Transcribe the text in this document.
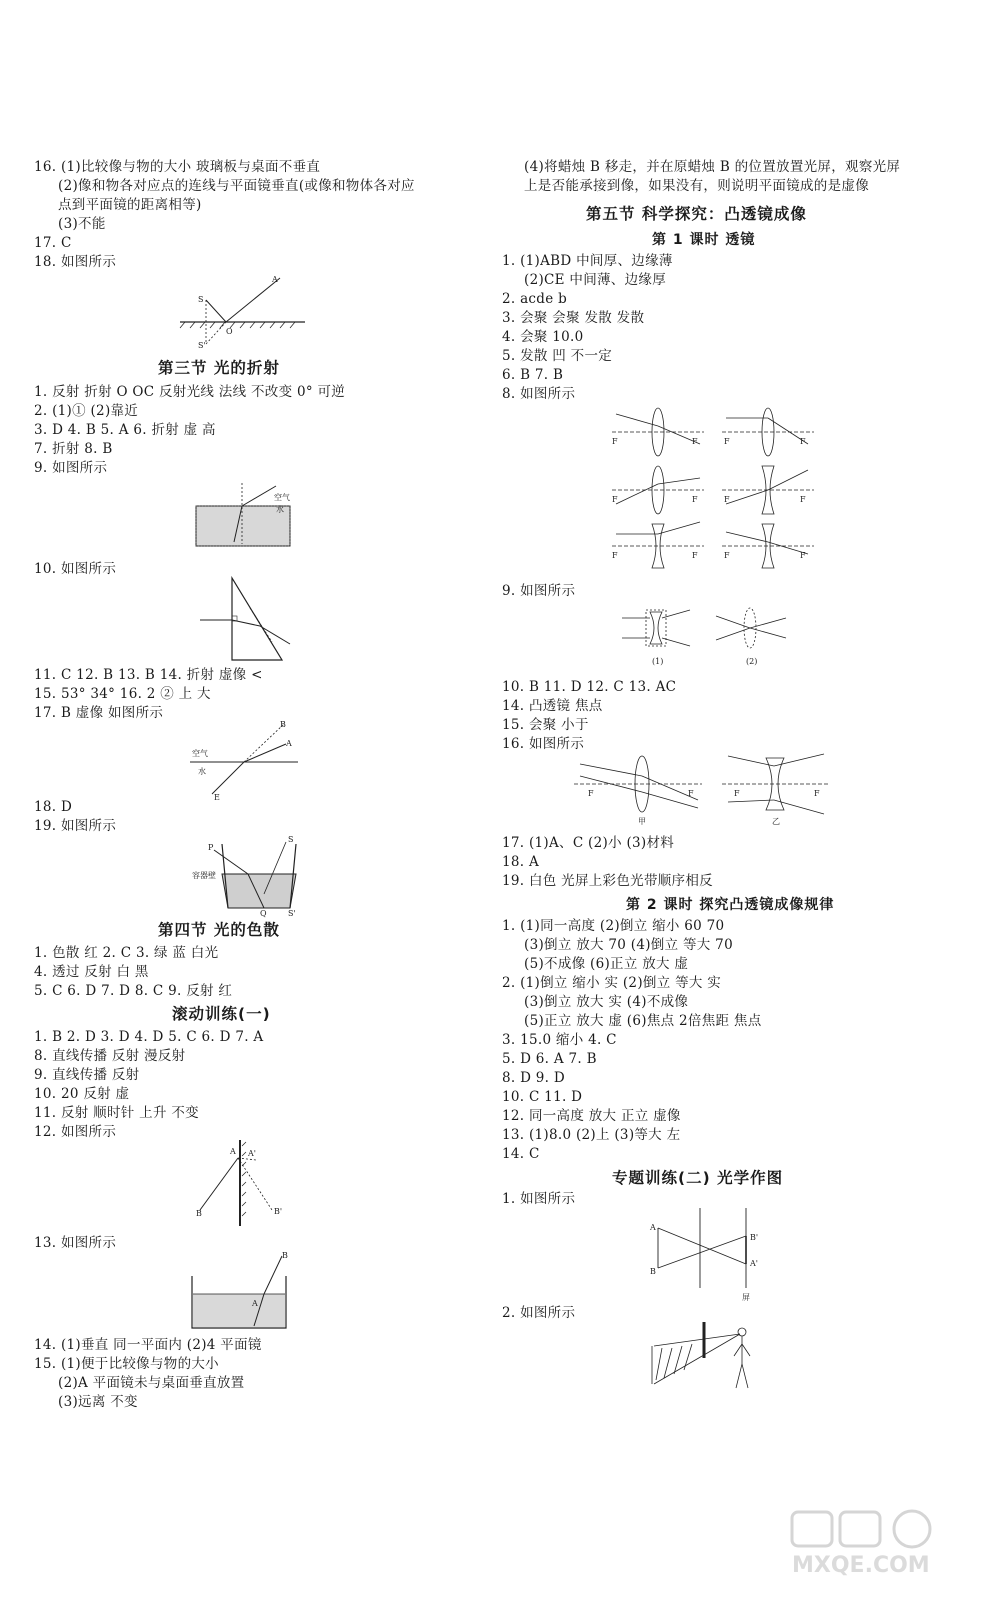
16. (1)比较像与物的大小 玻璃板与桌面不垂直
(2)像和物各对应点的连线与平面镜垂直(或像和物体各对应
点到平面镜的距离相等)
(3)不能
17. C
18. 如图所示
S
A
O
S'
第三节 光的折射
1. 反射 折射 O OC 反射光线 法线 不改变 0° 可逆
2. (1)① (2)靠近
3. D 4. B 5. A 6. 折射 虚 高
7. 折射 8. B
9. 如图所示
空气
水
10. 如图所示
11. C 12. B 13. B 14. 折射 虚像 <
15. 53° 34° 16. 2 ② 上 大
17. B 虚像 如图所示
空气
水
B
A
E
18. D
19. 如图所示
P
S
容器壁
Q	S'
第四节 光的色散
1. 色散 红 2. C 3. 绿 蓝 白光
4. 透过 反射 白 黑
5. C 6. D 7. D 8. C 9. 反射 红
滚动训练(一)
1. B 2. D 3. D 4. D 5. C 6. D 7. A
8. 直线传播 反射 漫反射
9. 直线传播 反射
10. 20 反射 虚
11. 反射 顺时针 上升 不变
12. 如图所示
B
A'
B'
A
13. 如图所示
B
A
14. (1)垂直 同一平面内 (2)4 平面镜
15. (1)便于比较像与物的大小
(2)A 平面镜未与桌面垂直放置
(3)远离 不变
(4)将蜡烛 B 移走，并在原蜡烛 B 的位置放置光屏，观察光屏
上是否能承接到像，如果没有，则说明平面镜成的是虚像
第五节 科学探究：凸透镜成像
第 1 课时 透镜
1. (1)ABD 中间厚、边缘薄
(2)CE 中间薄、边缘厚
2. acde b
3. 会聚 会聚 发散 发散
4. 会聚 10.0
5. 发散 凹 不一定
6. B 7. B
8. 如图所示
F	F	F	F
F	F	F	F
F	F	F	F
9. 如图所示
(1)	(2)
10. B 11. D 12. C 13. AC
14. 凸透镜 焦点
15. 会聚 小于
16. 如图所示
F	F	F	F
甲	乙
17. (1)A、C (2)小 (3)材料
18. A
19. 白色 光屏上彩色光带顺序相反
第 2 课时 探究凸透镜成像规律
1. (1)同一高度 (2)倒立 缩小 60 70
(3)倒立 放大 70 (4)倒立 等大 70
(5)不成像 (6)正立 放大 虚
2. (1)倒立 缩小 实 (2)倒立 等大 实
(3)倒立 放大 实 (4)不成像
(5)正立 放大 虚 (6)焦点 2倍焦距 焦点
3. 15.0 缩小 4. C
5. D 6. A 7. B
8. D 9. D
10. C 11. D
12. 同一高度 放大 正立 虚像
13. (1)8.0 (2)上 (3)等大 左
14. C
专题训练(二) 光学作图
1. 如图所示
A
B
B'
A'
屏
2. 如图所示
MXQE.COM
